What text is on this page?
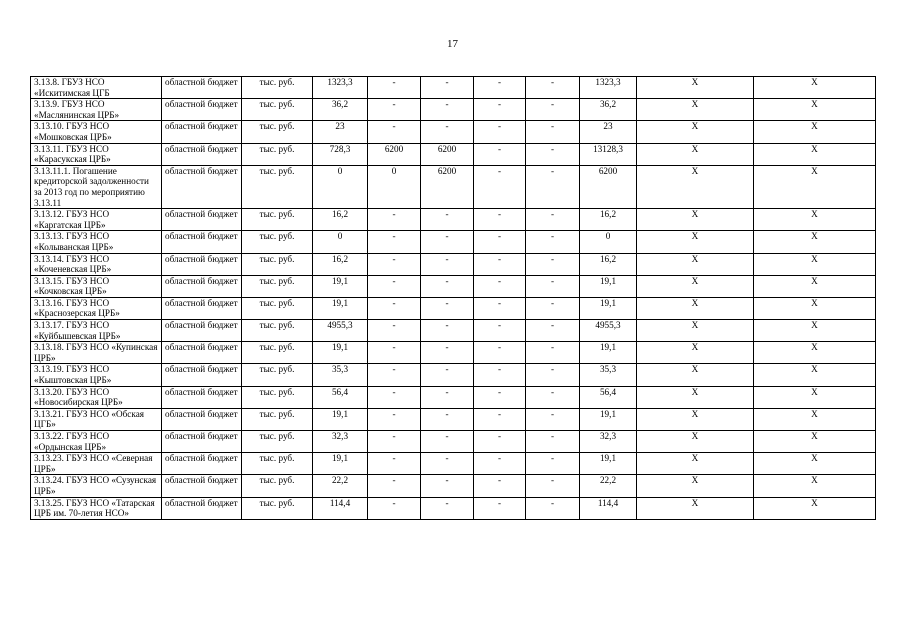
17
3.13.8. ГБУЗ НСО «Искитимская ЦГБ	областной бюджет	тыс. руб.	1323,3	-	-	-	-	1323,3	Х	Х
3.13.9. ГБУЗ НСО «Маслянинская ЦРБ»	областной бюджет	тыс. руб.	36,2	-	-	-	-	36,2	Х	Х
3.13.10. ГБУЗ НСО «Мошковская ЦРБ»	областной бюджет	тыс. руб.	23	-	-	-	-	23	Х	Х
3.13.11. ГБУЗ НСО «Карасукская ЦРБ»	областной бюджет	тыс. руб.	728,3	6200	6200	-	-	13128,3	Х	Х
3.13.11.1. Погашение кредиторской задолженности за 2013 год по мероприятию 3.13.11	областной бюджет	тыс. руб.	0	0	6200	-	-	6200	Х	Х
3.13.12. ГБУЗ НСО «Каргатская ЦРБ»	областной бюджет	тыс. руб.	16,2	-	-	-	-	16,2	Х	Х
3.13.13. ГБУЗ НСО «Колыванская ЦРБ»	областной бюджет	тыс. руб.	0	-	-	-	-	0	Х	Х
3.13.14. ГБУЗ НСО «Коченевская ЦРБ»	областной бюджет	тыс. руб.	16,2	-	-	-	-	16,2	Х	Х
3.13.15. ГБУЗ НСО «Кочковская ЦРБ»	областной бюджет	тыс. руб.	19,1	-	-	-	-	19,1	Х	Х
3.13.16. ГБУЗ НСО «Краснозерская ЦРБ»	областной бюджет	тыс. руб.	19,1	-	-	-	-	19,1	Х	Х
3.13.17. ГБУЗ НСО «Куйбышевская ЦРБ»	областной бюджет	тыс. руб.	4955,3	-	-	-	-	4955,3	Х	Х
3.13.18. ГБУЗ НСО «Купинская ЦРБ»	областной бюджет	тыс. руб.	19,1	-	-	-	-	19,1	Х	Х
3.13.19. ГБУЗ НСО «Кыштовская ЦРБ»	областной бюджет	тыс. руб.	35,3	-	-	-	-	35,3	Х	Х
3.13.20. ГБУЗ НСО «Новосибирская ЦРБ»	областной бюджет	тыс. руб.	56,4	-	-	-	-	56,4	Х	Х
3.13.21. ГБУЗ НСО «Обская ЦГБ»	областной бюджет	тыс. руб.	19,1	-	-	-	-	19,1	Х	Х
3.13.22. ГБУЗ НСО «Ордынская ЦРБ»	областной бюджет	тыс. руб.	32,3	-	-	-	-	32,3	Х	Х
3.13.23. ГБУЗ НСО «Северная ЦРБ»	областной бюджет	тыс. руб.	19,1	-	-	-	-	19,1	Х	Х
3.13.24. ГБУЗ НСО «Сузунская ЦРБ»	областной бюджет	тыс. руб.	22,2	-	-	-	-	22,2	Х	Х
3.13.25. ГБУЗ НСО «Татарская ЦРБ им. 70-летия НСО»	областной бюджет	тыс. руб.	114,4	-	-	-	-	114,4	Х	Х
